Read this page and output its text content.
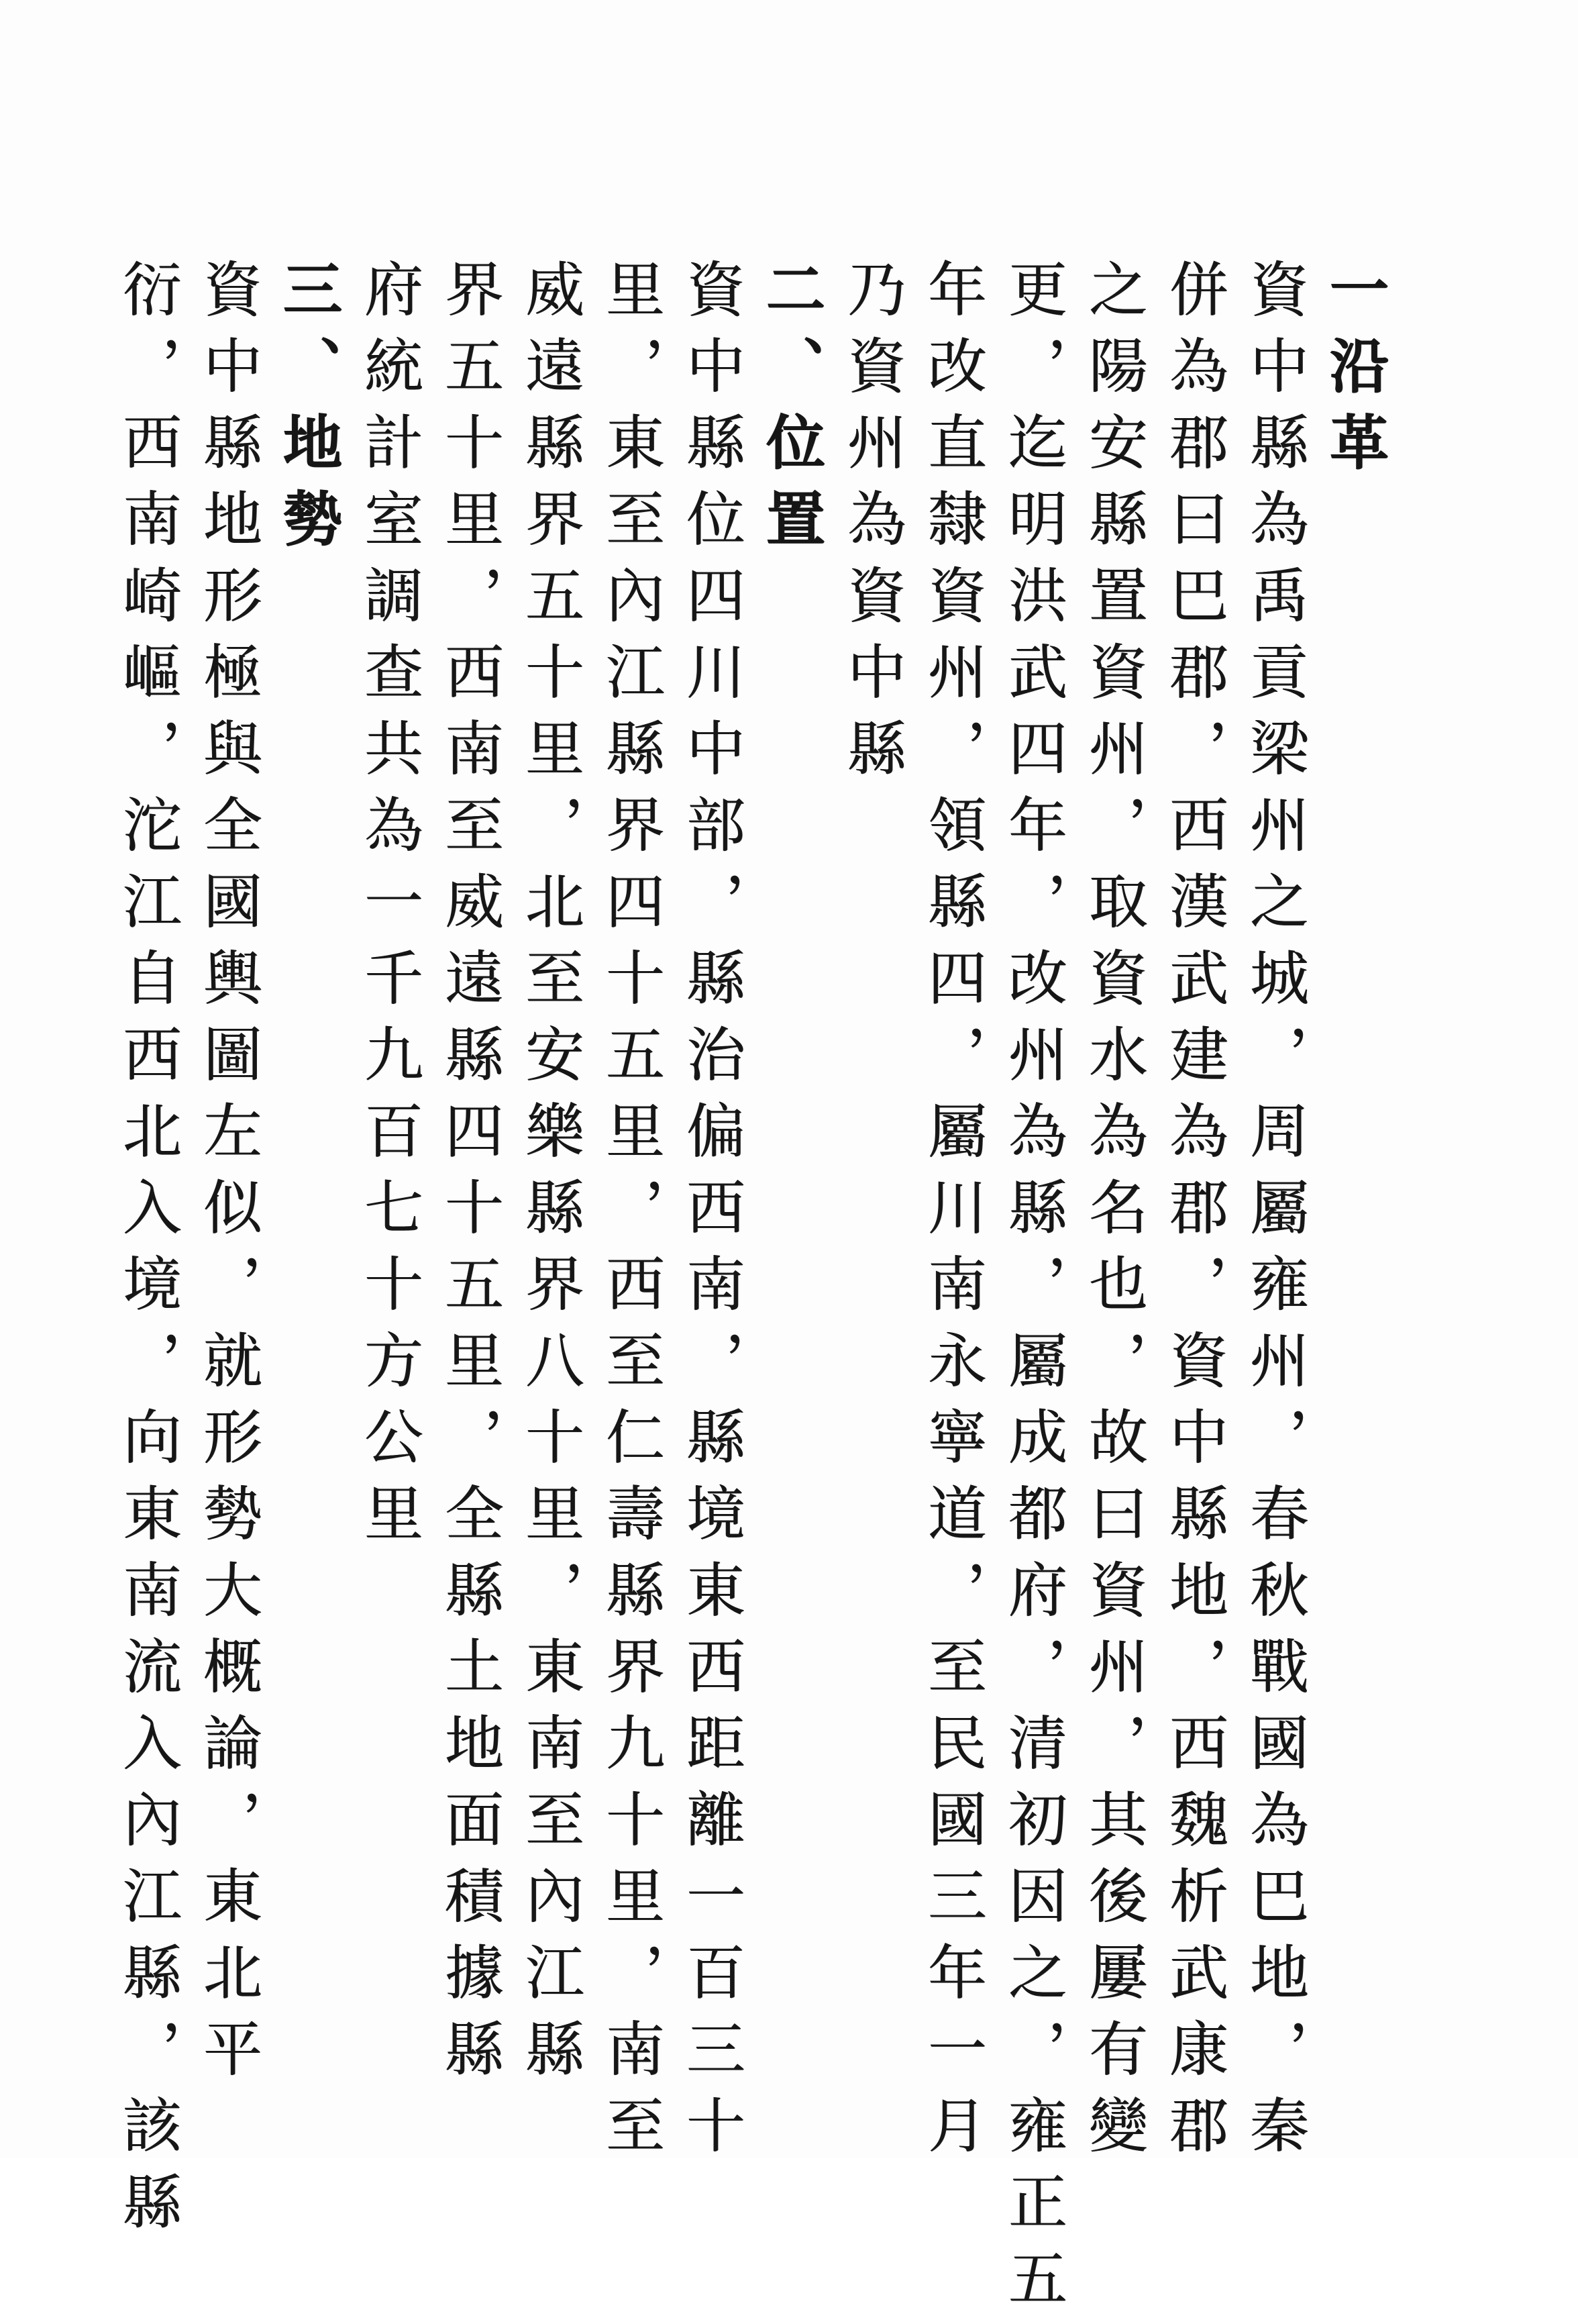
一沿革
資中縣為禹貢梁州之城，周屬雍州，春秋戰國為巴地，秦
併為郡曰巴郡，西漢武建為郡，資中縣地，西魏析武康郡
之陽安縣置資州，取資水為名也，故曰資州，其後屢有變
更，迄明洪武四年，改州為縣，屬成都府，清初因之，雍正五
年改直隸資州，領縣四，屬川南永寧道，至民國三年一月
乃資州為資中縣
二、位置
資中縣位四川中部，縣治偏西南，縣境東西距離一百三十
里，東至內江縣界四十五里，西至仁壽縣界九十里，南至
威遠縣界五十里，北至安樂縣界八十里，東南至內江縣
界五十里，西南至威遠縣四十五里，全縣土地面積據縣
府統計室調查共為一千九百七十方公里
三、地勢
資中縣地形極與全國輿圖左似，就形勢大概論，東北平
衍，西南崎嶇，沱江自西北入境，向東南流入內江縣，該縣
